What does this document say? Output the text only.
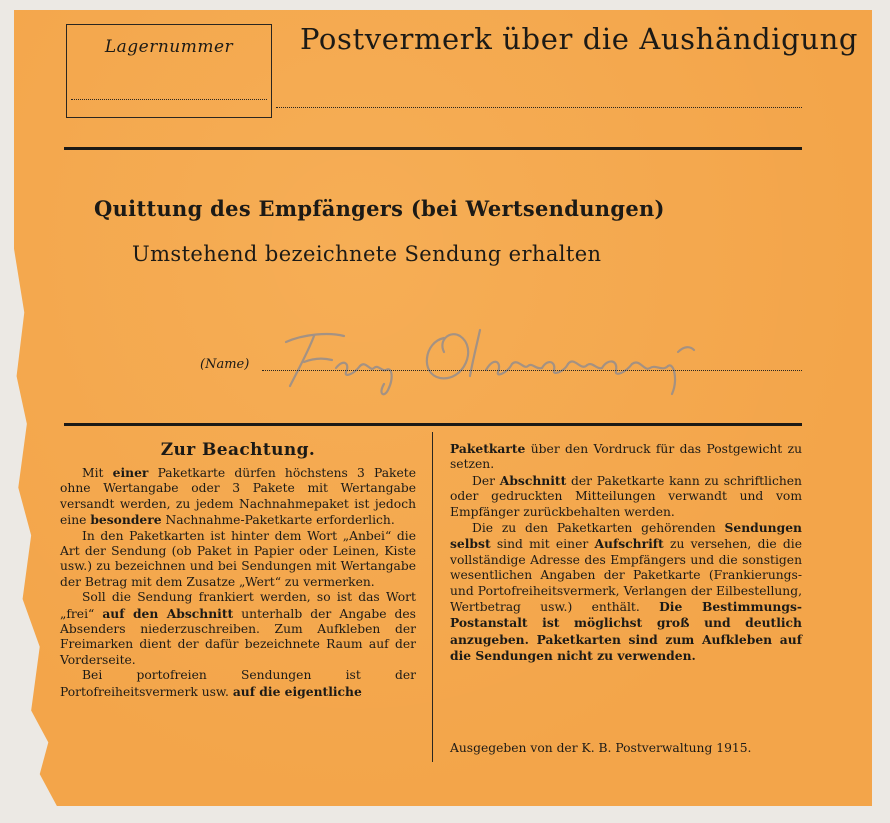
Lagernummer	Postvermerk über die Aushändigung
Quittung des Empfängers (bei Wertsendungen)
Umstehend bezeichnete Sendung erhalten
(Name)
Zur Beachtung.

Mit einer Paketkarte dürfen höchstens 3 Pakete ohne Wertangabe oder 3 Pakete mit Wertangabe versandt werden, zu jedem Nachnahmepaket ist jedoch eine besondere Nachnahme-Paketkarte erforderlich.

In den Paketkarten ist hinter dem Wort „Anbei“ die Art der Sendung (ob Paket in Papier oder Leinen, Kiste usw.) zu bezeichnen und bei Sendungen mit Wertangabe der Betrag mit dem Zusatze „Wert“ zu vermerken.

Soll die Sendung frankiert werden, so ist das Wort „frei“ auf den Abschnitt unterhalb der Angabe des Absenders niederzuschreiben. Zum Aufkleben der Freimarken dient der dafür bezeichnete Raum auf der Vorderseite.

Bei portofreien Sendungen ist der Portofreiheitsvermerk usw. auf die eigentliche

Paketkarte über den Vordruck für das Postgewicht zu setzen.

Der Abschnitt der Paketkarte kann zu schriftlichen oder gedruckten Mitteilungen verwandt und vom Empfänger zurückbehalten werden.

Die zu den Paketkarten gehörenden Sendungen selbst sind mit einer Aufschrift zu versehen, die die vollständige Adresse des Empfängers und die sonstigen wesentlichen Angaben der Paketkarte (Frankierungs- und Portofreiheitsvermerk, Verlangen der Eilbestellung, Wertbetrag usw.) enthält. Die Bestimmungs-Postanstalt ist möglichst groß und deutlich anzugeben. Paketkarten sind zum Aufkleben auf die Sendungen nicht zu verwenden.

Ausgegeben von der K. B. Postverwaltung 1915.
